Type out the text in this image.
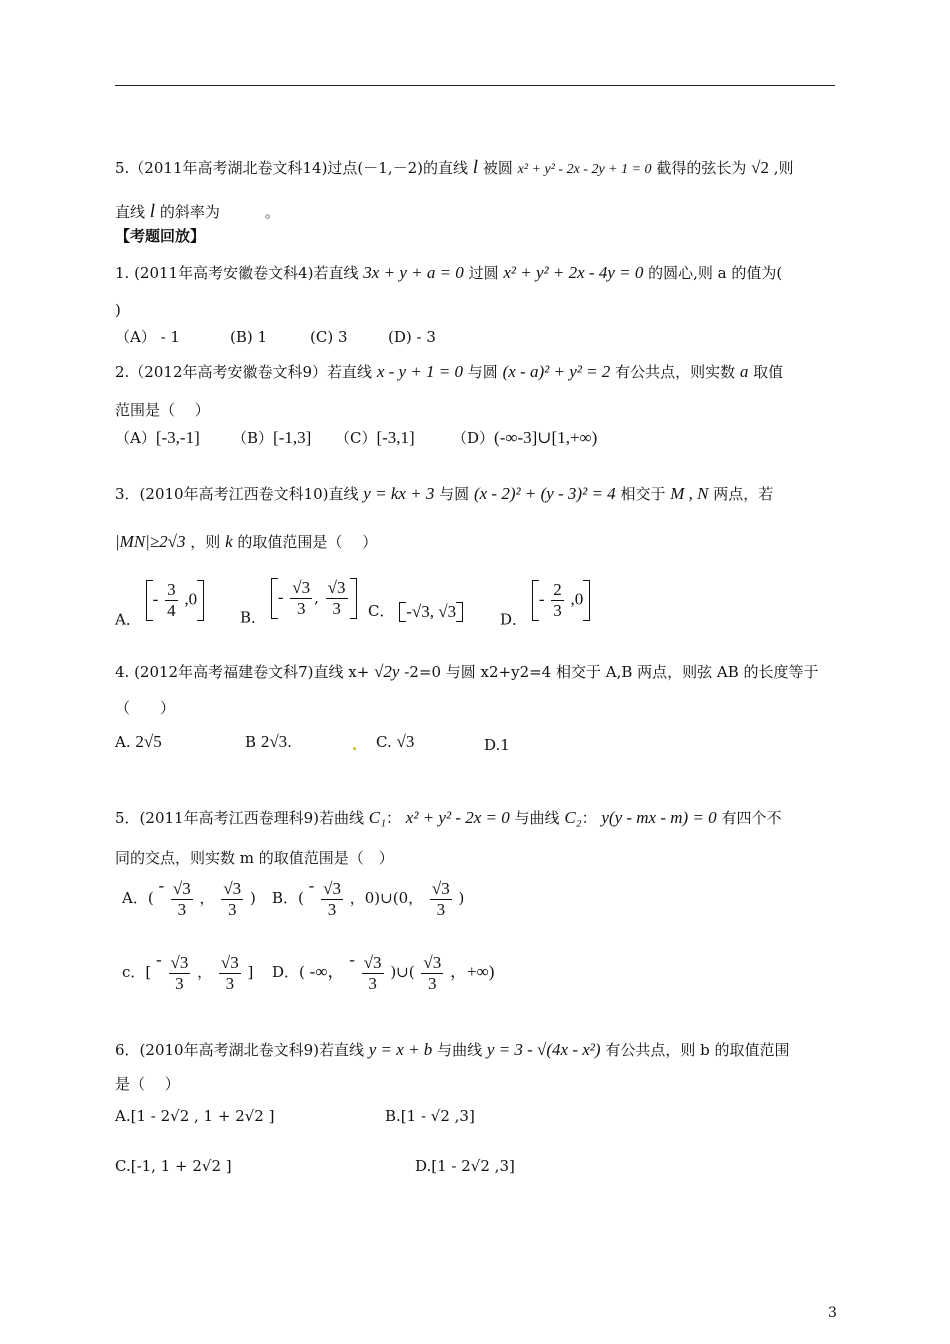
5.（2011年高考湖北卷文科14)过点(－1,－2)的直线 l 被圆 x² + y² - 2x - 2y + 1 = 0 截得的弦长为 √2 ,则
直线 l 的斜率为　　　。
【考题回放】
1. (2011年高考安徽卷文科4)若直线 3x + y + a = 0 过圆 x² + y² + 2x - 4y = 0 的圆心,则 a 的值为(
)
（A） - 1	(B) 1	(C) 3	(D) - 3
2.（2012年高考安徽卷文科9）若直线 x - y + 1 = 0 与圆 (x - a)² + y² = 2 有公共点，则实数 a 取值
范围是（　 ）
（A）[-3,-1] （B）[-1,3] （C）[-3,1] （D）(-∞-3]∪[1,+∞)
3．(2010年高考江西卷文科10)直线 y = kx + 3 与圆 (x - 2)² + (y - 3)² = 4 相交于 M , N 两点，若
|MN|≥2√3 ，则 k 的取值范围是（　 ）
A． - $\frac{3}{4} ,0$
B． - $\frac{√3}{3}$ , $\frac{√3}{3}$ C． -√3, √3	D． - $\frac{2}{3} ,0$
4. (2012年高考福建卷文科7)直线 x+ √2y -2=0 与圆 x2+y2=4 相交于 A,B 两点，则弦 AB 的长度等于
（　　）
A. 2√5	B 2√3.	. C. √3	D.1
5．(2011年高考江西卷理科9)若曲线 C₁： x² + y² - 2x = 0 与曲线 C₂： y(y - mx - m) = 0 有四个不
同的交点，则实数 m 的取值范围是（　）
A．( - $\frac{√3}{3}$ ， $\frac{√3}{3}$ ) B．( - $\frac{√3}{3}$ ，0)∪(0， $\frac{√3}{3}$ )
c．[ - $\frac{√3}{3}$ ， $\frac{√3}{3}$ ] D．( -∞， - $\frac{√3}{3}$ )∪( $\frac{√3}{3}$ ，+∞)
6．(2010年高考湖北卷文科9)若直线 y = x + b 与曲线 y = 3 - √(4x - x²) 有公共点，则 b 的取值范围
是（　 ）
A.[1 - 2√2 , 1 + 2√2 ]	B.[1 - √2 ,3]
C.[-1, 1 + 2√2 ]	D.[1 - 2√2 ,3]
3
